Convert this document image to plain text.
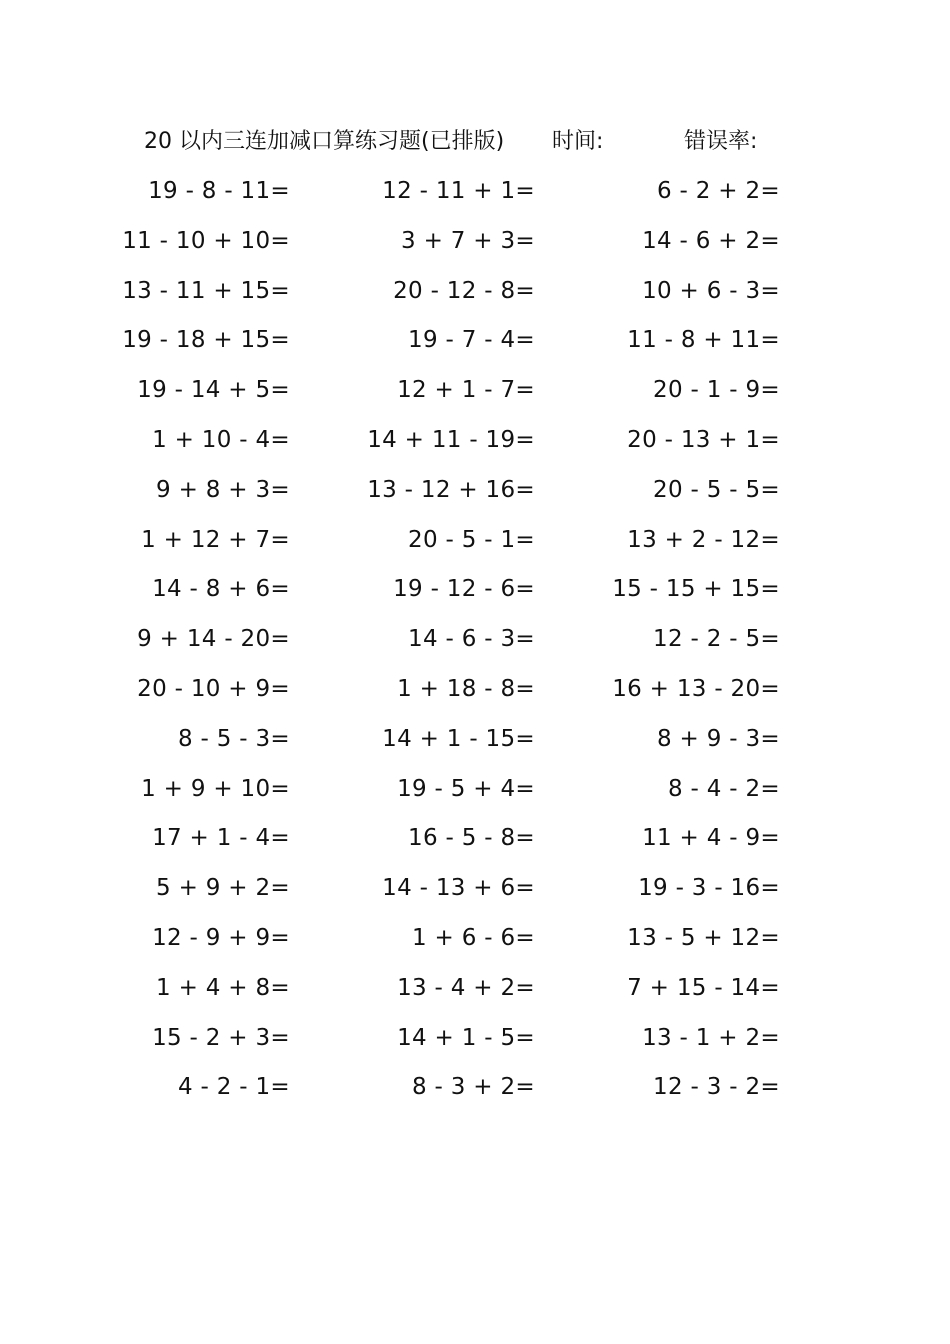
20 以内三连加减口算练习题(已排版) 时间:	错误率:
19 - 8 - 11=
11 - 10 + 10=
13 - 11 + 15=
19 - 18 + 15=
19 - 14 + 5=
1 + 10 - 4=
9 + 8 + 3=
1 + 12 + 7=
14 - 8 + 6=
9 + 14 - 20=
20 - 10 + 9=
8 - 5 - 3=
1 + 9 + 10=
17 + 1 - 4=
5 + 9 + 2=
12 - 9 + 9=
1 + 4 + 8=
15 - 2 + 3=
4 - 2 - 1=
12 - 11 + 1=
3 + 7 + 3=
20 - 12 - 8=
19 - 7 - 4=
12 + 1 - 7=
14 + 11 - 19=
13 - 12 + 16=
20 - 5 - 1=
19 - 12 - 6=
14 - 6 - 3=
1 + 18 - 8=
14 + 1 - 15=
19 - 5 + 4=
16 - 5 - 8=
14 - 13 + 6=
1 + 6 - 6=
13 - 4 + 2=
14 + 1 - 5=
8 - 3 + 2=
6 - 2 + 2=
14 - 6 + 2=
10 + 6 - 3=
11 - 8 + 11=
20 - 1 - 9=
20 - 13 + 1=
20 - 5 - 5=
13 + 2 - 12=
15 - 15 + 15=
12 - 2 - 5=
16 + 13 - 20=
8 + 9 - 3=
8 - 4 - 2=
11 + 4 - 9=
19 - 3 - 16=
13 - 5 + 12=
7 + 15 - 14=
13 - 1 + 2=
12 - 3 - 2=
